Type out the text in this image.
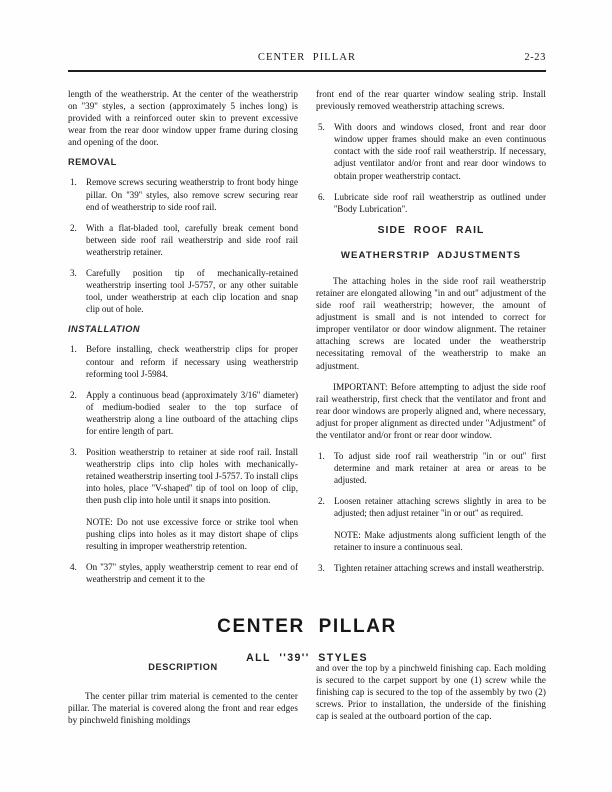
CENTER  PILLAR	2-23

length of the weatherstrip. At the center of the weatherstrip on ''39'' styles, a section (approximately 5 inches long) is provided with a reinforced outer skin to prevent excessive wear from the rear door window upper frame during closing and opening of the door.

REMOVAL
1.	Remove screws securing weatherstrip to front body hinge pillar. On ''39'' styles, also remove screw securing rear end of weatherstrip to side roof rail.
2.	With a flat-bladed tool, carefully break cement bond between side roof rail weatherstrip and side roof rail weatherstrip retainer.
3.	Carefully position tip of mechanically-retained weatherstrip inserting tool J-5757, or any other suitable tool, under weatherstrip at each clip location and snap clip out of hole.
INSTALLATION
1.	Before installing, check weatherstrip clips for proper contour and reform if necessary using weatherstrip reforming tool J-5984.
2.	Apply a continuous bead (approximately 3/16'' diameter) of medium-bodied sealer to the top surface of weatherstrip along a line outboard of the attaching clips for entire length of part.
3.	Position weatherstrip to retainer at side roof rail. Install weatherstrip clips into clip holes with mechanically-retained weatherstrip inserting tool J-5757. To install clips into holes, place ''V-shaped'' tip of tool on loop of clip, then push clip into hole until it snaps into position.

NOTE: Do not use excessive force or strike tool when pushing clips into holes as it may distort shape of clips resulting in improper weatherstrip retention.

4.	On ''37'' styles, apply weatherstrip cement to rear end of weatherstrip and cement it to the

front end of the rear quarter window sealing strip. Install previously removed weatherstrip attaching screws.

5.	With doors and windows closed, front and rear door window upper frames should make an even continuous contact with the side roof rail weatherstrip. If necessary, adjust ventilator and/or front and rear door windows to obtain proper weatherstrip contact.
6.	Lubricate side roof rail weatherstrip as outlined under ''Body Lubrication''.
SIDE  ROOF  RAIL
WEATHERSTRIP  ADJUSTMENTS

The attaching holes in the side roof rail weatherstrip retainer are elongated allowing ''in and out'' adjustment of the side roof rail weatherstrip; however, the amount of adjustment is small and is not intended to correct for improper ventilator or door window alignment. The retainer attaching screws are located under the weatherstrip necessitating removal of the weatherstrip to make an adjustment.

IMPORTANT: Before attempting to adjust the side roof rail weatherstrip, first check that the ventilator and front and rear door windows are properly aligned and, where necessary, adjust for proper alignment as directed under ''Adjustment'' of the ventilator and/or front or rear door window.

1.	To adjust side roof rail weatherstrip ''in or out'' first determine and mark retainer at area or areas to be adjusted.
2.	Loosen retainer attaching screws slightly in area to be adjusted; then adjust retainer ''in or out'' as required.

NOTE: Make adjustments along sufficient length of the retainer to insure a continuous seal.

3.	Tighten retainer attaching screws and install weatherstrip.
CENTER  PILLAR
ALL  ''39''  STYLES
DESCRIPTION

The center pillar trim material is cemented to the center pillar. The material is covered along the front and rear edges by pinchweld finishing moldings

and over the top by a pinchweld finishing cap. Each molding is secured to the carpet support by one (1) screw while the finishing cap is secured to the top of the assembly by two (2) screws. Prior to installation, the underside of the finishing cap is sealed at the outboard portion of the cap.
